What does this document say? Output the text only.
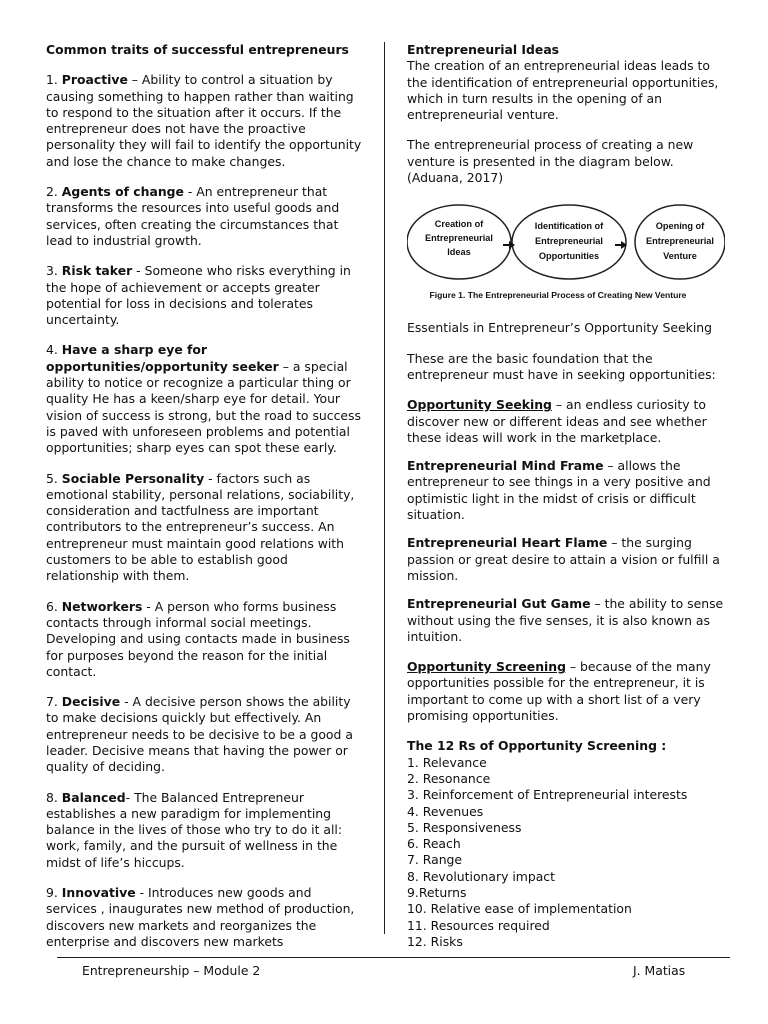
Common traits of successful entrepreneurs

1. Proactive – Ability to control a situation by causing something to happen rather than waiting to respond to the situation after it occurs. If the entrepreneur does not have the proactive personality they will fail to identify the opportunity and lose the chance to make changes.

2. Agents of change - An entrepreneur that transforms the resources into useful goods and services, often creating the circumstances that lead to industrial growth.

3. Risk taker - Someone who risks everything in the hope of achievement or accepts greater potential for loss in decisions and tolerates uncertainty.

4. Have a sharp eye for opportunities/opportunity seeker – a special ability to notice or recognize a particular thing or quality He has a keen/sharp eye for detail. Your vision of success is strong, but the road to success is paved with unforeseen problems and potential opportunities; sharp eyes can spot these early.

5. Sociable Personality - factors such as emotional stability, personal relations, sociability, consideration and tactfulness are important contributors to the entrepreneur’s success. An entrepreneur must maintain good relations with customers to be able to establish good relationship with them.

6. Networkers - A person who forms business contacts through informal social meetings. Developing and using contacts made in business for purposes beyond the reason for the initial contact.

7. Decisive - A decisive person shows the ability to make decisions quickly but effectively. An entrepreneur needs to be decisive to be a good a leader. Decisive means that having the power or quality of deciding.

8. Balanced- The Balanced Entrepreneur establishes a new paradigm for implementing balance in the lives of those who try to do it all: work, family, and the pursuit of wellness in the midst of life’s hiccups.

9. Innovative - Introduces new goods and services , inaugurates new method of production, discovers new markets and reorganizes the enterprise and discovers new markets

Entrepreneurial Ideas

The creation of an entrepreneurial ideas leads to the identification of entrepreneurial opportunities, which in turn results in the opening of an entrepreneurial venture.

The entrepreneurial process of creating a new venture is presented in the diagram below. (Aduana, 2017)

Creation of
Entrepreneurial
Ideas
Identification of
Entrepreneurial
Opportunities
Opening of
Entrepreneurial
Venture
Figure 1. The Entrepreneurial Process of Creating New Venture

Essentials in Entrepreneur’s Opportunity Seeking

These are the basic foundation that the entrepreneur must have in seeking opportunities:

Opportunity Seeking – an endless curiosity to discover new or different ideas and see whether these ideas will work in the marketplace.

Entrepreneurial Mind Frame – allows the entrepreneur to see things in a very positive and optimistic light in the midst of crisis or difficult situation.

Entrepreneurial Heart Flame – the surging passion or great desire to attain a vision or fulfill a mission.

Entrepreneurial Gut Game – the ability to sense without using the five senses, it is also known as intuition.

Opportunity Screening – because of the many opportunities possible for the entrepreneur, it is important to come up with a short list of a very promising opportunities.

The 12 Rs of Opportunity Screening :

1. Relevance
2. Resonance
3. Reinforcement of Entrepreneurial interests
4. Revenues
5. Responsiveness
6. Reach
7. Range
8. Revolutionary impact
9.Returns
10. Relative ease of implementation
11. Resources required
12. Risks
Entrepreneurship – Module 2	J. Matias
